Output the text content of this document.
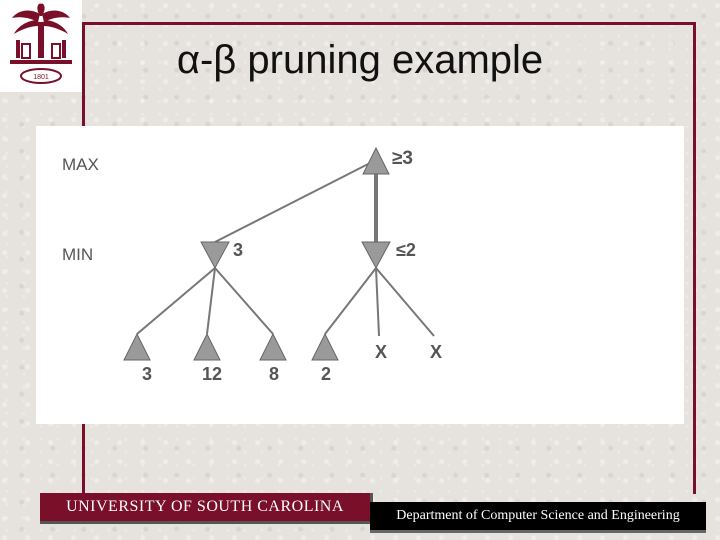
1801	α-β pruning example
MAX
MIN
≥3
3	≤2
3	12	8 2
X X
UNIVERSITY OF SOUTH CAROLINA
Department of Computer Science and Engineering
